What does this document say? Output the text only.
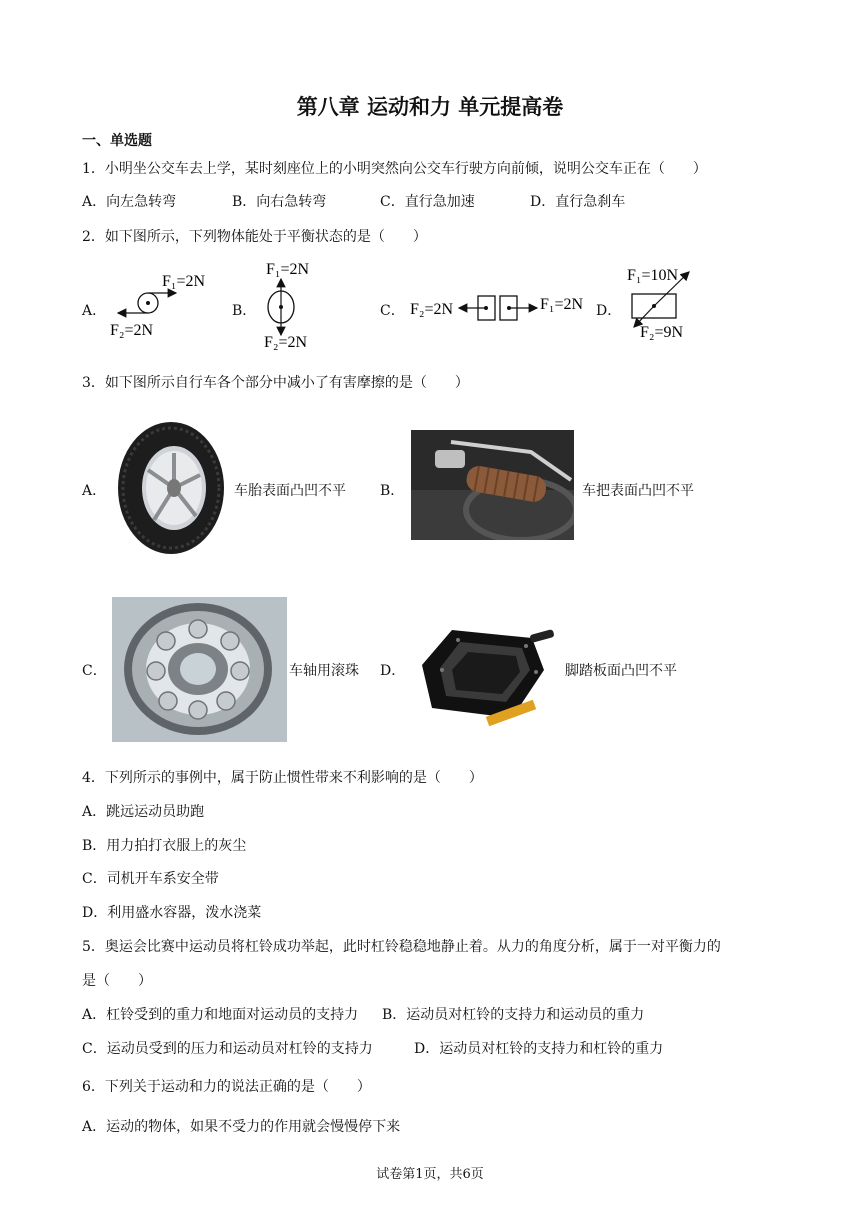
第八章 运动和力 单元提高卷
一、单选题
1．小明坐公交车去上学，某时刻座位上的小明突然向公交车行驶方向前倾，说明公交车正在（　　）
A．向左急转弯	B．向右急转弯	C．直行急加速	D．直行急刹车
2．如下图所示，下列物体能处于平衡状态的是（　　）
A．	B．	C．	D．
F₁=2N
F₂=2N
F₁=2N
F₂=2N
F₂=2N	F₁=2N
F₁=10N
F₂=9N
3．如下图所示自行车各个部分中减小了有害摩擦的是（　　）
A．	车胎表面凸凹不平 B．	车把表面凸凹不平
C．	车轴用滚珠 D．	脚踏板面凸凹不平
4．下列所示的事例中，属于防止惯性带来不利影响的是（　　）
A．跳远运动员助跑
B．用力拍打衣服上的灰尘
C．司机开车系安全带
D．利用盛水容器，泼水浇菜
5．奥运会比赛中运动员将杠铃成功举起，此时杠铃稳稳地静止着。从力的角度分析，属于一对平衡力的
是（　　）
A．杠铃受到的重力和地面对运动员的支持力 B．运动员对杠铃的支持力和运动员的重力
C．运动员受到的压力和运动员对杠铃的支持力	D．运动员对杠铃的支持力和杠铃的重力
6．下列关于运动和力的说法正确的是（　　）
A．运动的物体，如果不受力的作用就会慢慢停下来
试卷第1页，共6页
